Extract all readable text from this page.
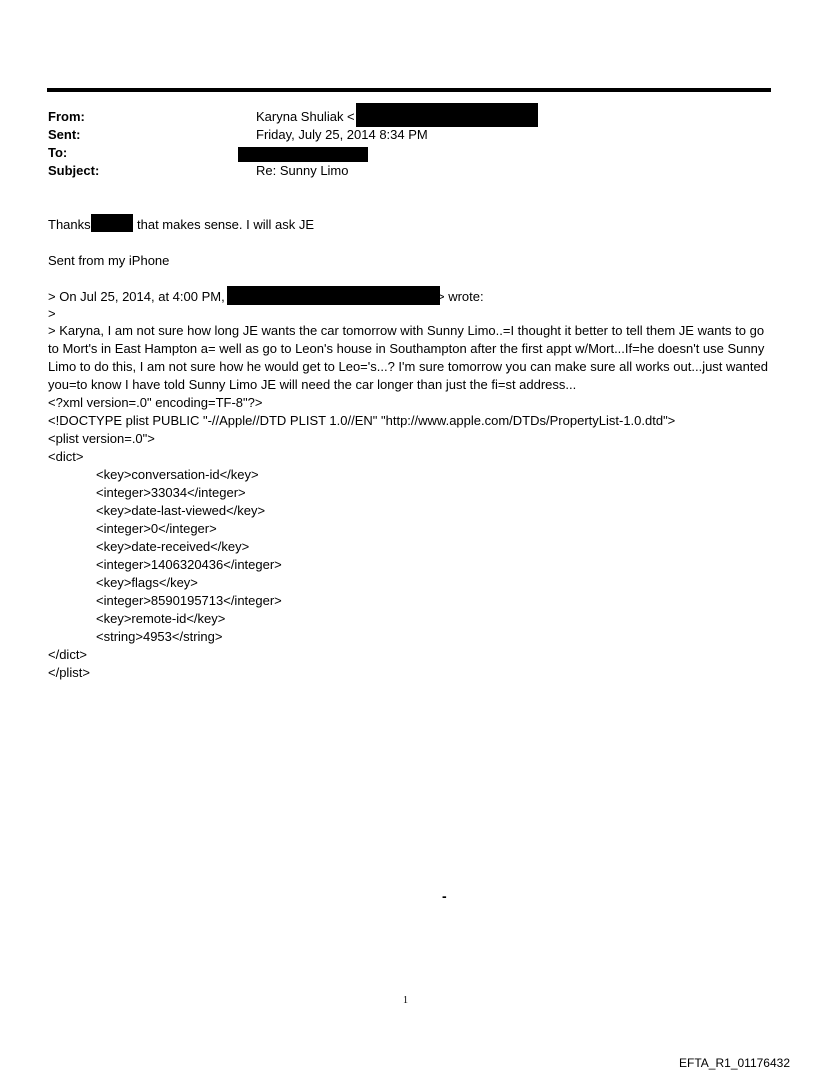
From:	Karyna Shuliak <
Sent:	Friday, July 25, 2014 8:34 PM
To:
Subject:	Re: Sunny Limo
Thanks	that makes sense. I will ask JE
Sent from my iPhone
> On Jul 25, 2014, at 4:00 PM,	> wrote:
>
> Karyna, I am not sure how long JE wants the car tomorrow with Sunny Limo..=I thought it better to tell them JE wants to go to Mort's in East Hampton a= well as go to Leon's house in Southampton after the first appt w/Mort...If=he doesn't use Sunny Limo to do this, I am not sure how he would get to Leo='s...? I'm sure tomorrow you can make sure all works out...just wanted you=to know I have told Sunny Limo JE will need the car longer than just the fi=st address...
<?xml version=.0" encoding=TF-8"?>
<!DOCTYPE plist PUBLIC "-//Apple//DTD PLIST 1.0//EN" "http://www.apple.com/DTDs/PropertyList-1.0.dtd">
<plist version=.0">
<dict>
<key>conversation-id</key>
<integer>33034</integer>
<key>date-last-viewed</key>
<integer>0</integer>
<key>date-received</key>
<integer>1406320436</integer>
<key>flags</key>
<integer>8590195713</integer>
<key>remote-id</key>
<string>4953</string>
</dict>
</plist>
-
1
EFTA_R1_01176432
